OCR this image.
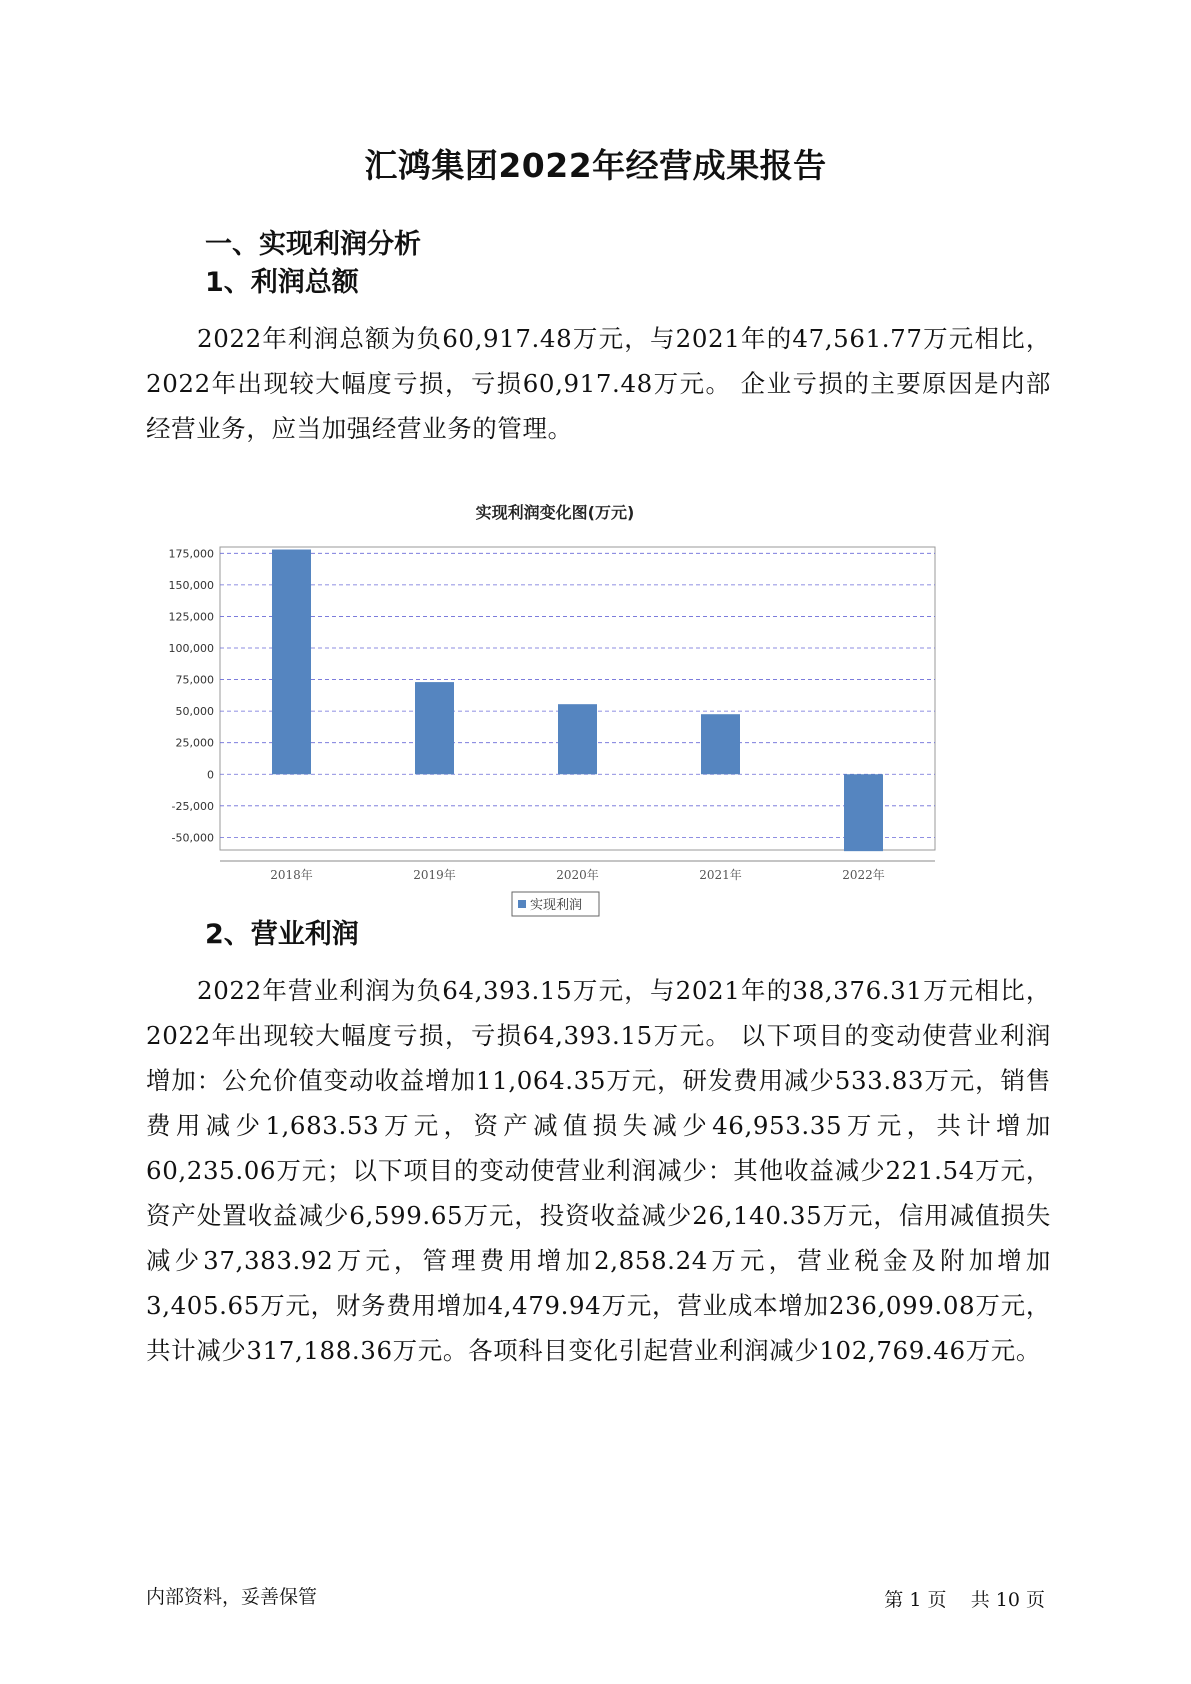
汇鸿集团2022年经营成果报告
一、实现利润分析
1、利润总额
2022年利润总额为负60,917.48万元，与2021年的47,561.77万元相比，2022年出现较大幅度亏损，亏损60,917.48万元。 企业亏损的主要原因是内部经营业务，应当加强经营业务的管理。
实现利润变化图(万元)
175,000
150,000
125,000
100,000
75,000
50,000
25,000
0
-25,000
-50,000
2018年	2019年	2020年	2021年	2022年
实现利润
2、营业利润
2022年营业利润为负64,393.15万元，与2021年的38,376.31万元相比，2022年出现较大幅度亏损，亏损64,393.15万元。 以下项目的变动使营业利润增加：公允价值变动收益增加11,064.35万元，研发费用减少533.83万元，销售费用减少1,683.53万元，资产减值损失减少46,953.35万元，共计增加60,235.06万元；以下项目的变动使营业利润减少：其他收益减少221.54万元，资产处置收益减少6,599.65万元，投资收益减少26,140.35万元，信用减值损失减少37,383.92万元，管理费用增加2,858.24万元，营业税金及附加增加3,405.65万元，财务费用增加4,479.94万元，营业成本增加236,099.08万元，共计减少317,188.36万元。各项科目变化引起营业利润减少102,769.46万元。
内部资料，妥善保管	第 1 页 共 10 页
